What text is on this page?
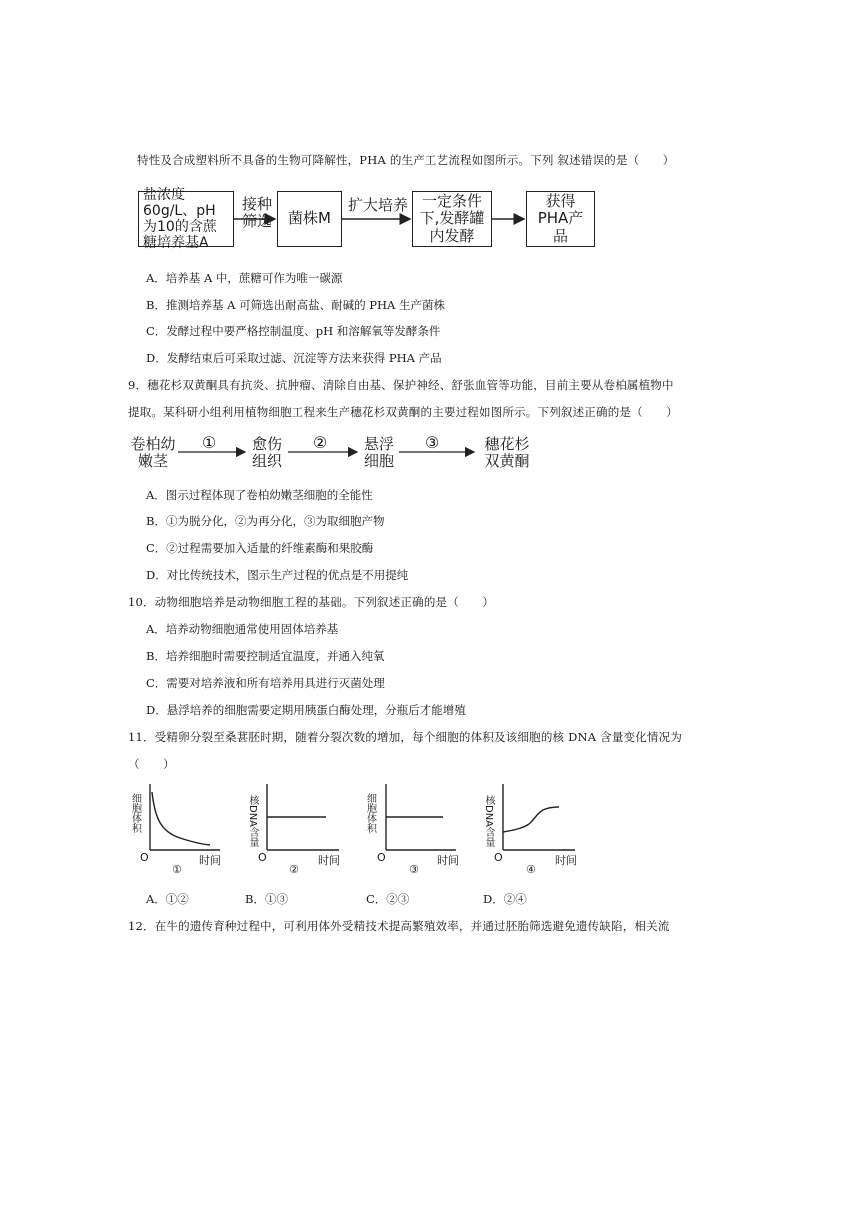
特性及合成塑料所不具备的生物可降解性，PHA 的生产工艺流程如图所示。下列 叙述错误的是（　　）
盐浓度60g/L、pH为10的含蔗糖培养基A
接种筛选	菌株M
扩大培养 一定条件下,发酵罐内发酵
获得PHA产品
A．培养基 A 中，蔗糖可作为唯一碳源
B．推测培养基 A 可筛选出耐高盐、耐碱的 PHA 生产菌株
C．发酵过程中要严格控制温度、pH 和溶解氧等发酵条件
D．发酵结束后可采取过滤、沉淀等方法来获得 PHA 产品
9．穗花杉双黄酮具有抗炎、抗肿瘤、清除自由基、保护神经、舒张血管等功能，目前主要从卷柏属植物中
提取。某科研小组利用植物细胞工程来生产穗花杉双黄酮的主要过程如图所示。下列叙述正确的是（　　）
卷柏幼嫩茎
①	愈伤组织
②	悬浮细胞
③	穗花杉双黄酮
A．图示过程体现了卷柏幼嫩茎细胞的全能性
B．①为脱分化，②为再分化，③为取细胞产物
C．②过程需要加入适量的纤维素酶和果胶酶
D．对比传统技术，图示生产过程的优点是不用提纯
10．动物细胞培养是动物细胞工程的基础。下列叙述正确的是（　　）
A．培养动物细胞通常使用固体培养基
B．培养细胞时需要控制适宜温度，并通入纯氧
C．需要对培养液和所有培养用具进行灭菌处理
D．悬浮培养的细胞需要定期用胰蛋白酶处理，分瓶后才能增殖
11．受精卵分裂至桑葚胚时期，随着分裂次数的增加，每个细胞的体积及该细胞的核 DNA 含量变化情况为
（　　）
细胞体积
O	时间
①
核DNA含量
O	时间
②
细胞体积
O	时间
③
核DNA含量
O	时间
④
A．①②	B．①③	C．②③	D．②④
12．在牛的遗传育种过程中，可利用体外受精技术提高繁殖效率，并通过胚胎筛选避免遗传缺陷，相关流
